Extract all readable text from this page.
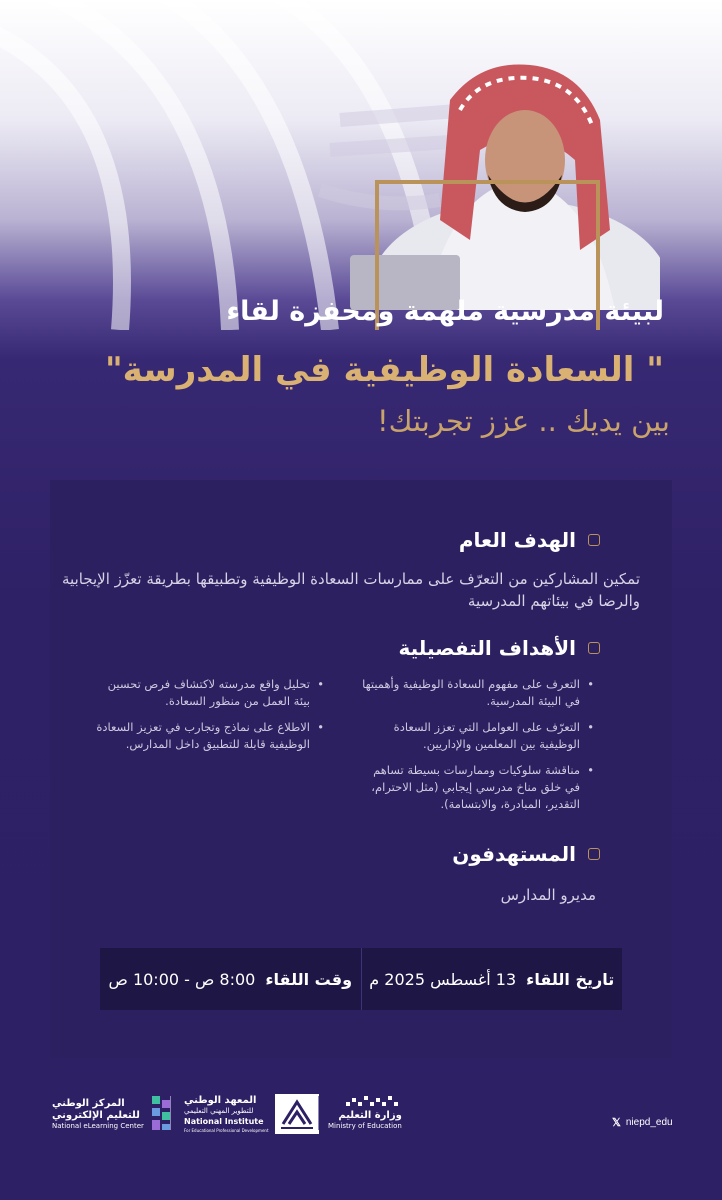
لبيئة مدرسية ملهمة ومحفزة لقاء
" السعادة الوظيفية في المدرسة"
بين يديك .. عزز تجربتك!
الهدف العام
تمكين المشاركين من التعرّف على ممارسات السعادة الوظيفية وتطبيقها بطريقة تعزّز الإيجابية والرضا في بيئاتهم المدرسية
الأهداف التفصيلية
• التعرف على مفهوم السعادة الوظيفية وأهميتها في البيئة المدرسية.
• التعرّف على العوامل التي تعزز السعادة الوظيفية بين المعلمين والإداريين.
• مناقشة سلوكيات وممارسات بسيطة تساهم في خلق مناخ مدرسي إيجابي (مثل الاحترام، التقدير، المبادرة، والابتسامة).
• تحليل واقع مدرسته لاكتشاف فرص تحسين بيئة العمل من منظور السعادة.
• الاطلاع على نماذج وتجارب في تعزيز السعادة الوظيفية قابلة للتطبيق داخل المدارس.
المستهدفون
مديرو المدارس
تاريخ اللقاء
13 أغسطس 2025 م
وقت اللقاء
8:00 ص - 10:00 ص
المركز الوطني
للتعليم الإلكتروني
National eLearning Center
المعهد الوطني
للتطوير المهني التعليمي
National Institute
For Educational Professional Development
وزارة التعليم
Ministry of Education	𝕏 niepd_edu
